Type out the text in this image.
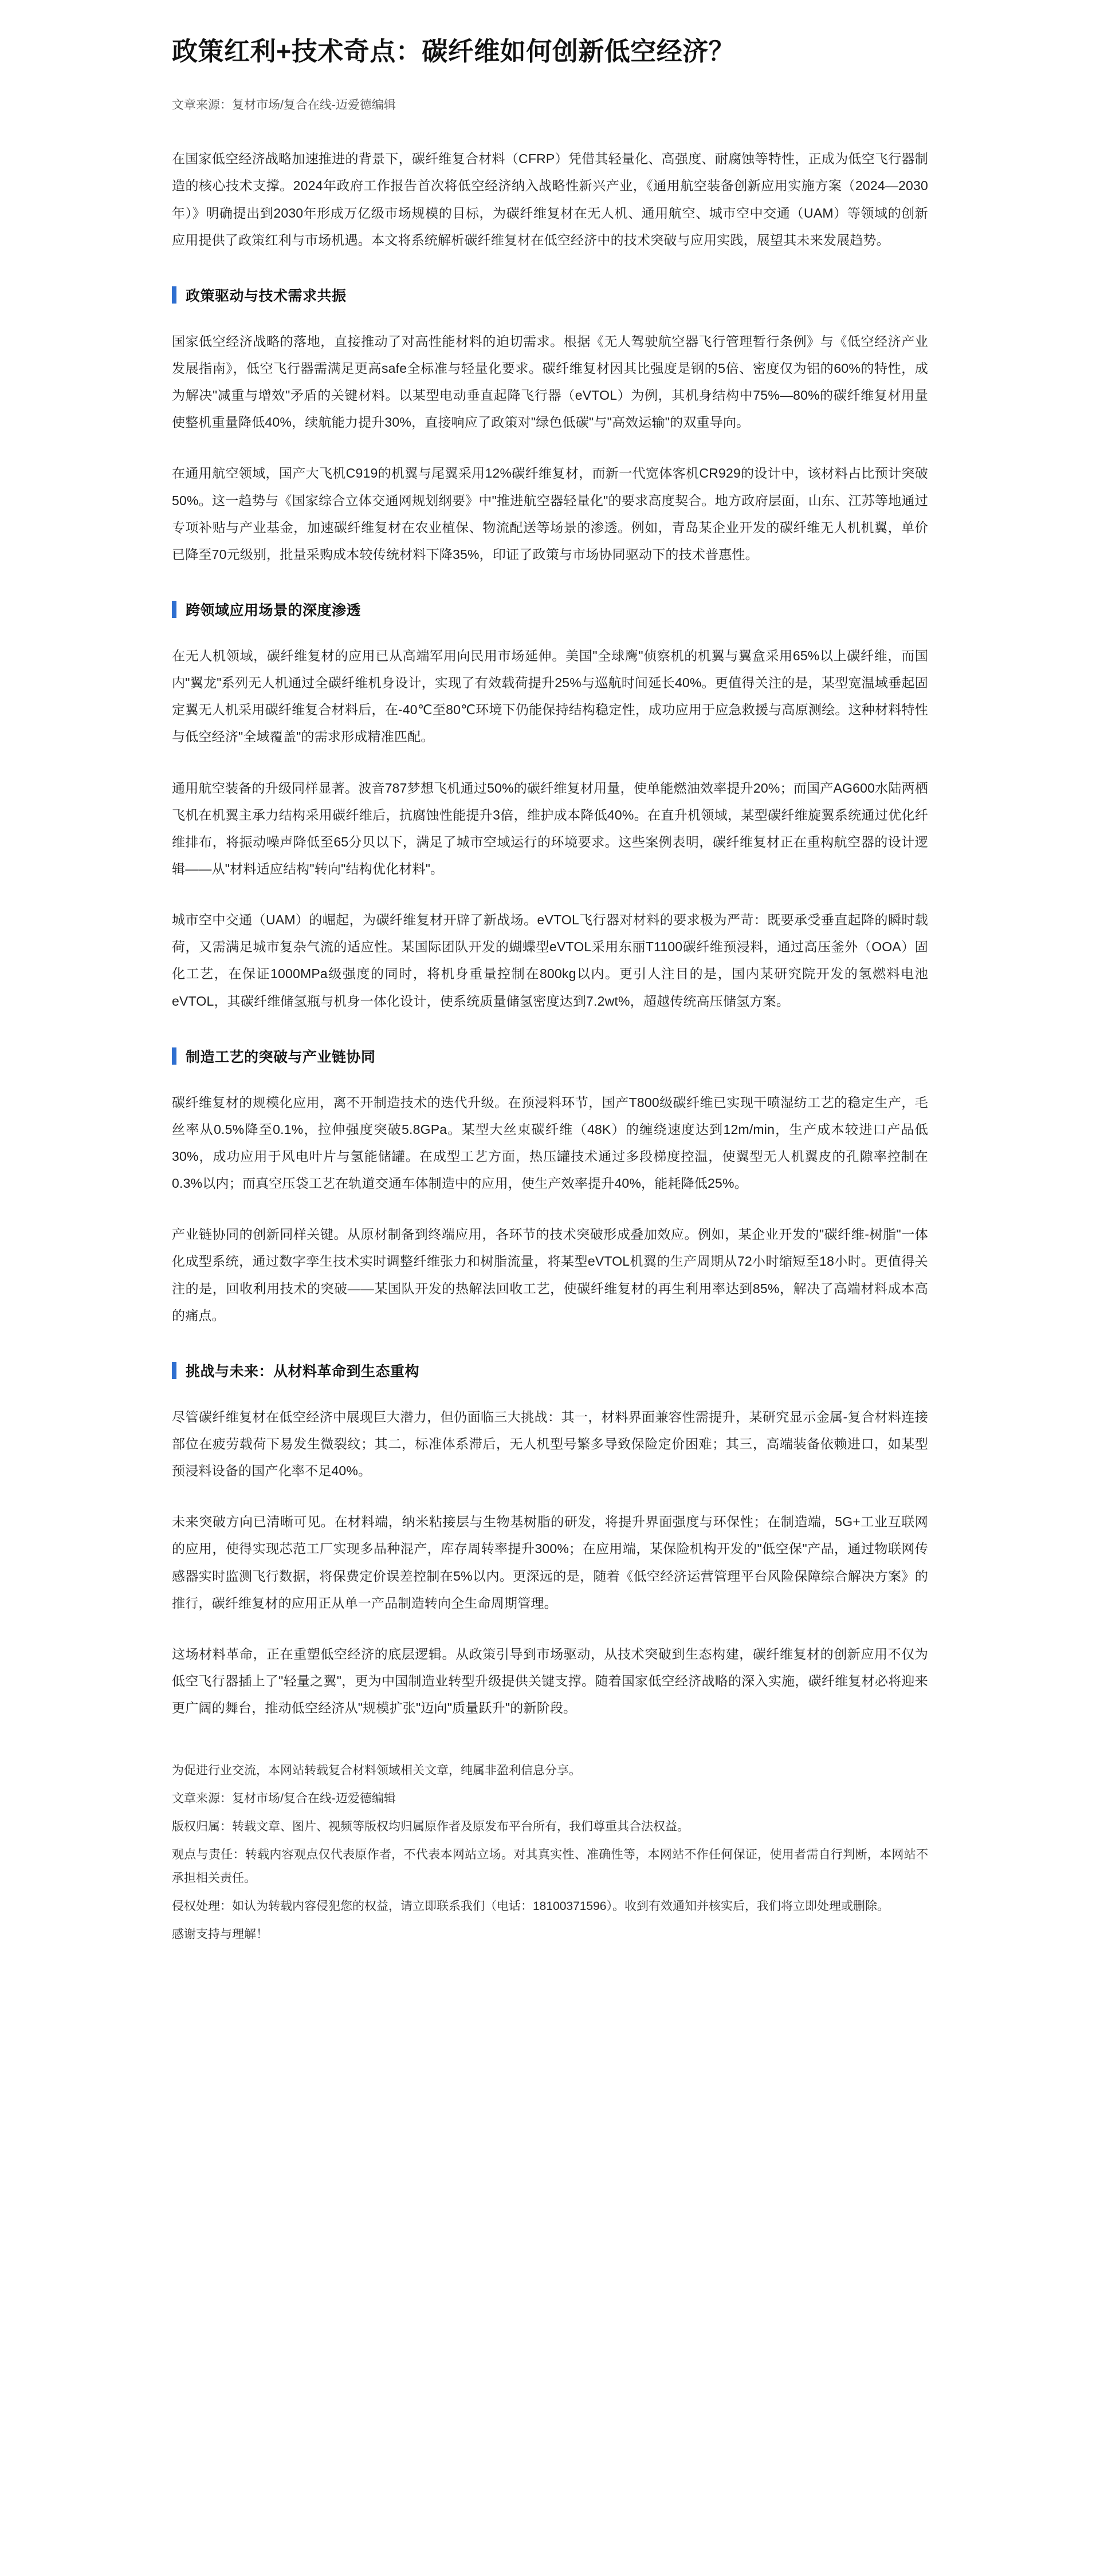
政策红利+技术奇点：碳纤维如何创新低空经济？
文章来源：复材市场/复合在线-迈爱德编辑

在国家低空经济战略加速推进的背景下，碳纤维复合材料（CFRP）凭借其轻量化、高强度、耐腐蚀等特性，正成为低空飞行器制造的核心技术支撑。2024年政府工作报告首次将低空经济纳入战略性新兴产业，《通用航空装备创新应用实施方案（2024—2030年）》明确提出到2030年形成万亿级市场规模的目标，为碳纤维复材在无人机、通用航空、城市空中交通（UAM）等领域的创新应用提供了政策红利与市场机遇。本文将系统解析碳纤维复材在低空经济中的技术突破与应用实践，展望其未来发展趋势。

政策驱动与技术需求共振

国家低空经济战略的落地，直接推动了对高性能材料的迫切需求。根据《无人驾驶航空器飞行管理暂行条例》与《低空经济产业发展指南》，低空飞行器需满足更高safe全标准与轻量化要求。碳纤维复材因其比强度是钢的5倍、密度仅为铝的60%的特性，成为解决"减重与增效"矛盾的关键材料。以某型电动垂直起降飞行器（eVTOL）为例，其机身结构中75%—80%的碳纤维复材用量使整机重量降低40%，续航能力提升30%，直接响应了政策对"绿色低碳"与"高效运输"的双重导向。

在通用航空领域，国产大飞机C919的机翼与尾翼采用12%碳纤维复材，而新一代宽体客机CR929的设计中，该材料占比预计突破50%。这一趋势与《国家综合立体交通网规划纲要》中"推进航空器轻量化"的要求高度契合。地方政府层面，山东、江苏等地通过专项补贴与产业基金，加速碳纤维复材在农业植保、物流配送等场景的渗透。例如，青岛某企业开发的碳纤维无人机机翼，单价已降至70元级别，批量采购成本较传统材料下降35%，印证了政策与市场协同驱动下的技术普惠性。

跨领域应用场景的深度渗透

在无人机领域，碳纤维复材的应用已从高端军用向民用市场延伸。美国"全球鹰"侦察机的机翼与翼盒采用65%以上碳纤维，而国内"翼龙"系列无人机通过全碳纤维机身设计，实现了有效载荷提升25%与巡航时间延长40%。更值得关注的是，某型宽温域垂起固定翼无人机采用碳纤维复合材料后，在-40℃至80℃环境下仍能保持结构稳定性，成功应用于应急救援与高原测绘。这种材料特性与低空经济"全域覆盖"的需求形成精准匹配。

通用航空装备的升级同样显著。波音787梦想飞机通过50%的碳纤维复材用量，使单能燃油效率提升20%；而国产AG600水陆两栖飞机在机翼主承力结构采用碳纤维后，抗腐蚀性能提升3倍，维护成本降低40%。在直升机领域，某型碳纤维旋翼系统通过优化纤维排布，将振动噪声降低至65分贝以下，满足了城市空域运行的环境要求。这些案例表明，碳纤维复材正在重构航空器的设计逻辑——从"材料适应结构"转向"结构优化材料"。

城市空中交通（UAM）的崛起，为碳纤维复材开辟了新战场。eVTOL飞行器对材料的要求极为严苛：既要承受垂直起降的瞬时载荷，又需满足城市复杂气流的适应性。某国际团队开发的蝴蝶型eVTOL采用东丽T1100碳纤维预浸料，通过高压釜外（OOA）固化工艺，在保证1000MPa级强度的同时，将机身重量控制在800kg以内。更引人注目的是，国内某研究院开发的氢燃料电池eVTOL，其碳纤维储氢瓶与机身一体化设计，使系统质量储氢密度达到7.2wt%，超越传统高压储氢方案。

制造工艺的突破与产业链协同

碳纤维复材的规模化应用，离不开制造技术的迭代升级。在预浸料环节，国产T800级碳纤维已实现干喷湿纺工艺的稳定生产，毛丝率从0.5%降至0.1%，拉伸强度突破5.8GPa。某型大丝束碳纤维（48K）的缠绕速度达到12m/min，生产成本较进口产品低30%，成功应用于风电叶片与氢能储罐。在成型工艺方面，热压罐技术通过多段梯度控温，使翼型无人机翼皮的孔隙率控制在0.3%以内；而真空压袋工艺在轨道交通车体制造中的应用，使生产效率提升40%，能耗降低25%。

产业链协同的创新同样关键。从原材制备到终端应用，各环节的技术突破形成叠加效应。例如，某企业开发的"碳纤维-树脂"一体化成型系统，通过数字孪生技术实时调整纤维张力和树脂流量，将某型eVTOL机翼的生产周期从72小时缩短至18小时。更值得关注的是，回收利用技术的突破——某国队开发的热解法回收工艺，使碳纤维复材的再生利用率达到85%，解决了高端材料成本高的痛点。

挑战与未来：从材料革命到生态重构

尽管碳纤维复材在低空经济中展现巨大潜力，但仍面临三大挑战：其一，材料界面兼容性需提升，某研究显示金属-复合材料连接部位在疲劳载荷下易发生微裂纹；其二，标准体系滞后，无人机型号繁多导致保险定价困难；其三，高端装备依赖进口，如某型预浸料设备的国产化率不足40%。

未来突破方向已清晰可见。在材料端，纳米粘接层与生物基树脂的研发，将提升界面强度与环保性；在制造端，5G+工业互联网的应用，使得实现芯范工厂实现多品种混产，库存周转率提升300%；在应用端，某保险机构开发的"低空保"产品，通过物联网传感器实时监测飞行数据，将保费定价误差控制在5%以内。更深远的是，随着《低空经济运营管理平台风险保障综合解决方案》的推行，碳纤维复材的应用正从单一产品制造转向全生命周期管理。

这场材料革命，正在重塑低空经济的底层逻辑。从政策引导到市场驱动，从技术突破到生态构建，碳纤维复材的创新应用不仅为低空飞行器插上了"轻量之翼"，更为中国制造业转型升级提供关键支撑。随着国家低空经济战略的深入实施，碳纤维复材必将迎来更广阔的舞台，推动低空经济从"规模扩张"迈向"质量跃升"的新阶段。

为促进行业交流，本网站转载复合材料领域相关文章，纯属非盈利信息分享。

文章来源：复材市场/复合在线-迈爱德编辑

版权归属：转载文章、图片、视频等版权均归属原作者及原发布平台所有，我们尊重其合法权益。

观点与责任：转载内容观点仅代表原作者，不代表本网站立场。对其真实性、准确性等，本网站不作任何保证，使用者需自行判断，本网站不承担相关责任。

侵权处理：如认为转载内容侵犯您的权益，请立即联系我们（电话：18100371596）。收到有效通知并核实后，我们将立即处理或删除。

感谢支持与理解！
